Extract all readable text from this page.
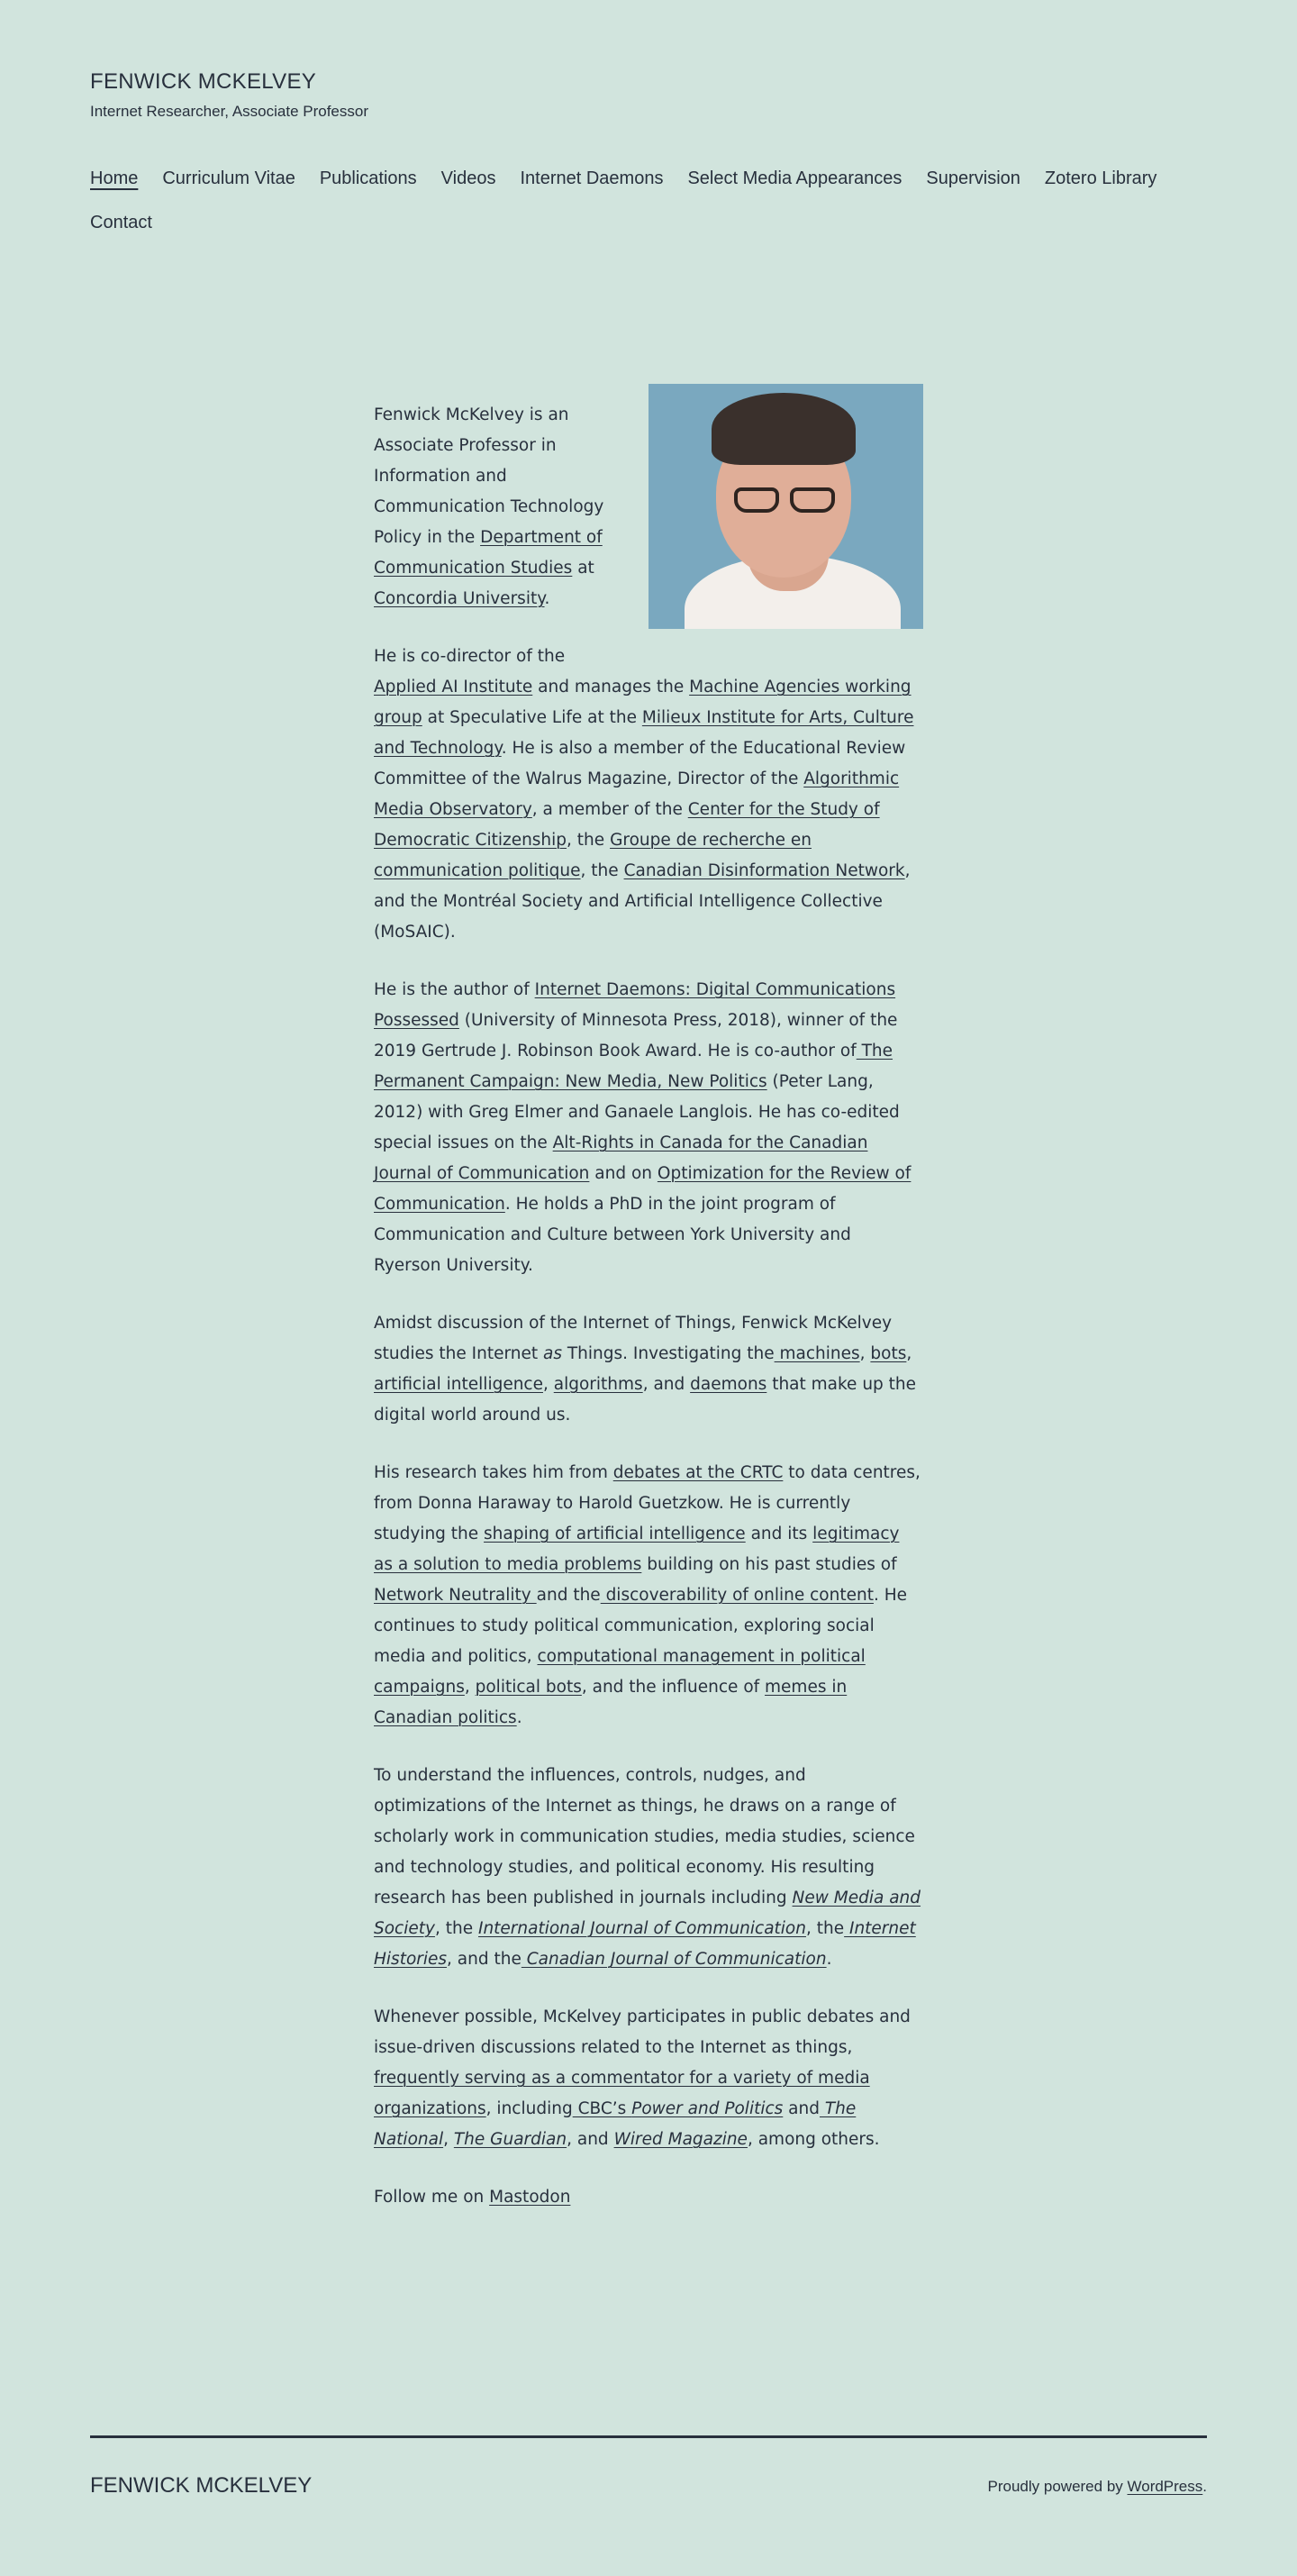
FENWICK MCKELVEY
Internet Researcher, Associate Professor
Home Curriculum Vitae Publications Videos Internet Daemons Select Media Appearances Supervision Zotero Library
Contact

Fenwick McKelvey is an Associate Professor in Information and Communication Technology Policy in the Department of Communication Studies at Concordia University.

He is co-director of the Applied AI Institute and manages the Machine Agencies working group at Speculative Life at the Milieux Institute for Arts, Culture and Technology. He is also a member of the Educational Review Committee of the Walrus Magazine, Director of the Algorithmic Media Observatory, a member of the Center for the Study of Democratic Citizenship, the Groupe de recherche en communication politique, the Canadian Disinformation Network, and the Montréal Society and Artificial Intelligence Collective (MoSAIC).

He is the author of Internet Daemons: Digital Communications Possessed (University of Minnesota Press, 2018), winner of the 2019 Gertrude J. Robinson Book Award. He is co-author of The Permanent Campaign: New Media, New Politics (Peter Lang, 2012) with Greg Elmer and Ganaele Langlois. He has co-edited special issues on the Alt-Rights in Canada for the Canadian Journal of Communication and on Optimization for the Review of Communication. He holds a PhD in the joint program of Communication and Culture between York University and Ryerson University.

Amidst discussion of the Internet of Things, Fenwick McKelvey studies the Internet as Things. Investigating the machines, bots, artificial intelligence, algorithms, and daemons that make up the digital world around us.

His research takes him from debates at the CRTC to data centres, from Donna Haraway to Harold Guetzkow. He is currently studying the shaping of artificial intelligence and its legitimacy as a solution to media problems building on his past studies of Network Neutrality and the discoverability of online content. He continues to study political communication, exploring social media and politics, computational management in political campaigns, political bots, and the influence of memes in Canadian politics.

To understand the influences, controls, nudges, and optimizations of the Internet as things, he draws on a range of scholarly work in communication studies, media studies, science and technology studies, and political economy. His resulting research has been published in journals including New Media and Society, the International Journal of Communication, the Internet Histories, and the Canadian Journal of Communication.

Whenever possible, McKelvey participates in public debates and issue-driven discussions related to the Internet as things, frequently serving as a commentator for a variety of media organizations, including CBC’s Power and Politics and The National, The Guardian, and Wired Magazine, among others.

Follow me on Mastodon

FENWICK MCKELVEY	Proudly powered by WordPress.
